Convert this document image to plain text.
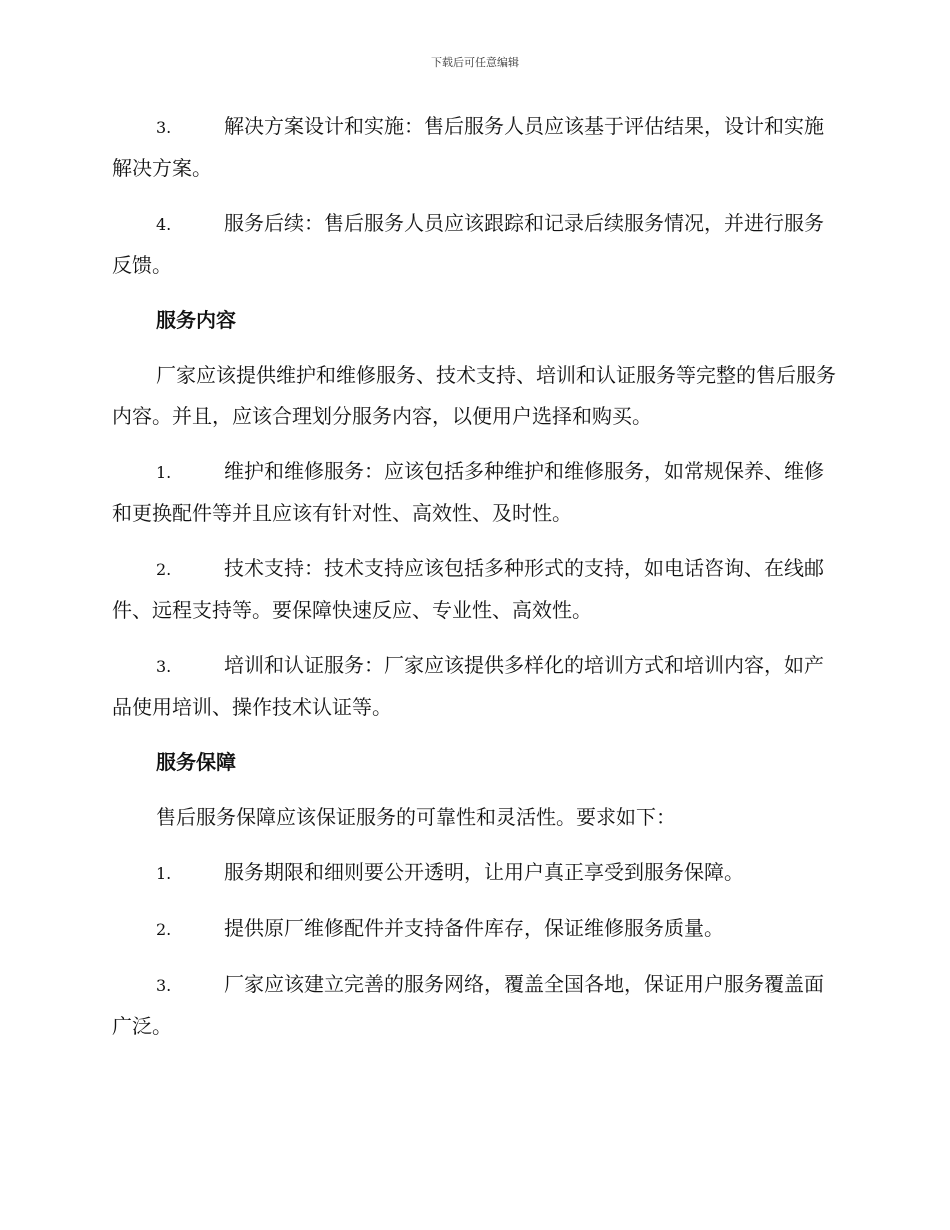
下载后可任意编辑
3.	解决方案设计和实施：售后服务人员应该基于评估结果，设计和实施解决方案。
4.	服务后续：售后服务人员应该跟踪和记录后续服务情况，并进行服务反馈。
服务内容
厂家应该提供维护和维修服务、技术支持、培训和认证服务等完整的售后服务内容。并且，应该合理划分服务内容，以便用户选择和购买。
1.	维护和维修服务：应该包括多种维护和维修服务，如常规保养、维修和更换配件等并且应该有针对性、高效性、及时性。
2.	技术支持：技术支持应该包括多种形式的支持，如电话咨询、在线邮件、远程支持等。要保障快速反应、专业性、高效性。
3.	培训和认证服务：厂家应该提供多样化的培训方式和培训内容，如产品使用培训、操作技术认证等。
服务保障
售后服务保障应该保证服务的可靠性和灵活性。要求如下：
1.	服务期限和细则要公开透明，让用户真正享受到服务保障。
2.	提供原厂维修配件并支持备件库存，保证维修服务质量。
3.	厂家应该建立完善的服务网络，覆盖全国各地，保证用户服务覆盖面广泛。
